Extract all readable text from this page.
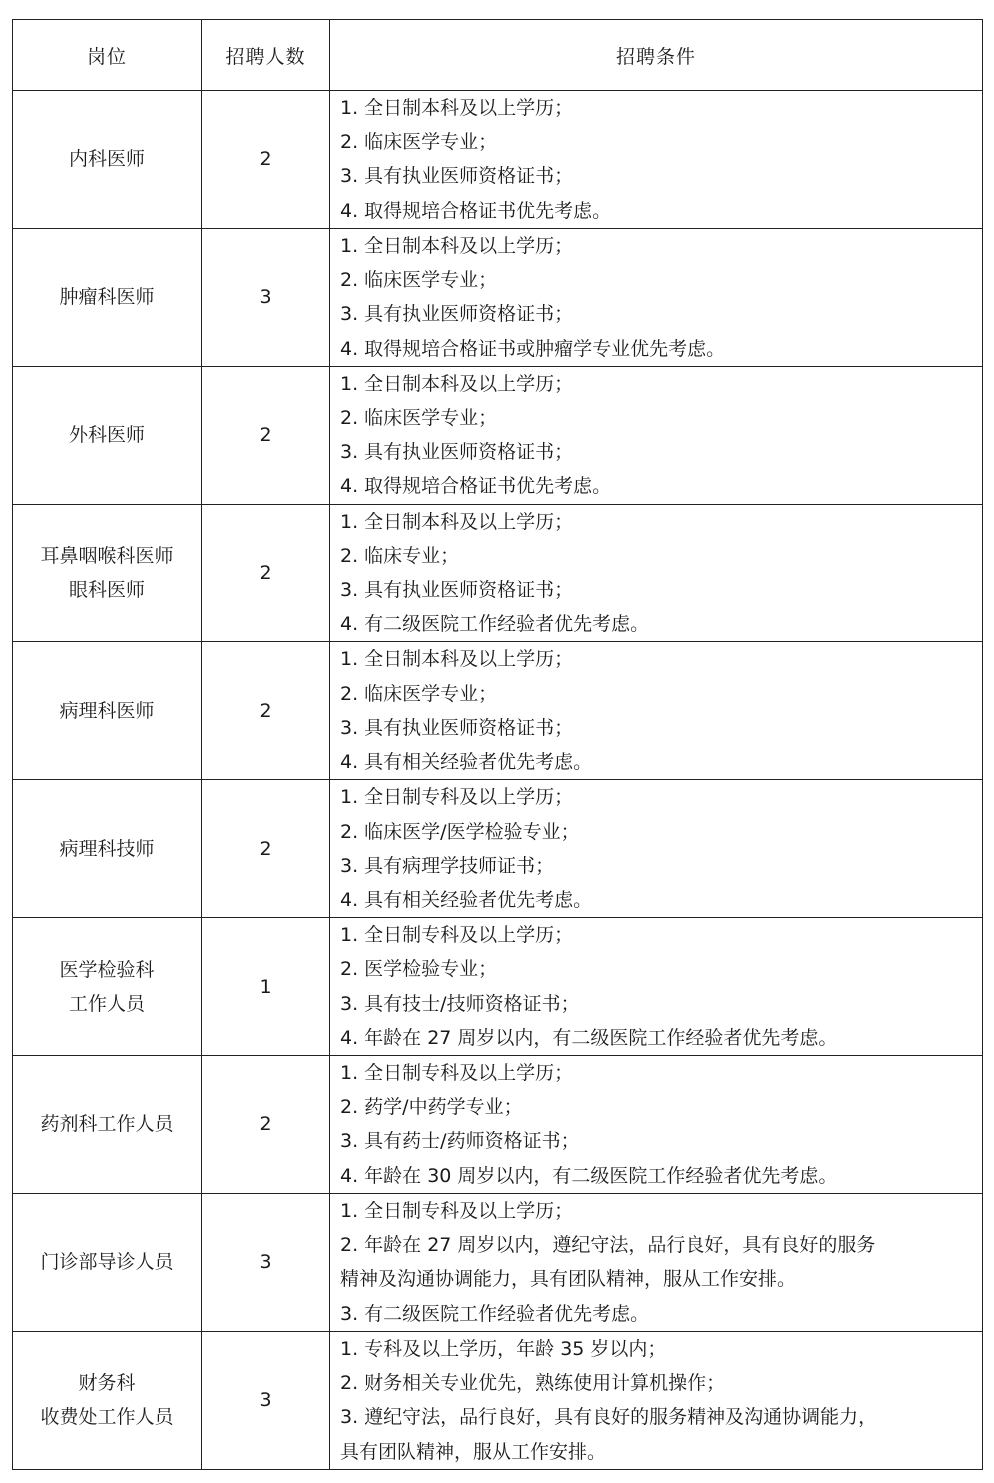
岗位	招聘人数	招聘条件

内科医师	2	1. 全日制本科及以上学历；
2. 临床医学专业；
3. 具有执业医师资格证书；
4. 取得规培合格证书优先考虑。

肿瘤科医师	3	1. 全日制本科及以上学历；
2. 临床医学专业；
3. 具有执业医师资格证书；
4. 取得规培合格证书或肿瘤学专业优先考虑。

外科医师	2	1. 全日制本科及以上学历；
2. 临床医学专业；
3. 具有执业医师资格证书；
4. 取得规培合格证书优先考虑。

耳鼻咽喉科医师
眼科医师	2	1. 全日制本科及以上学历；
2. 临床专业；
3. 具有执业医师资格证书；
4. 有二级医院工作经验者优先考虑。

病理科医师	2	1. 全日制本科及以上学历；
2. 临床医学专业；
3. 具有执业医师资格证书；
4. 具有相关经验者优先考虑。

病理科技师	2	1. 全日制专科及以上学历；
2. 临床医学/医学检验专业；
3. 具有病理学技师证书；
4. 具有相关经验者优先考虑。

医学检验科
工作人员	1	1. 全日制专科及以上学历；
2. 医学检验专业；
3. 具有技士/技师资格证书；
4. 年龄在 27 周岁以内，有二级医院工作经验者优先考虑。

药剂科工作人员	2	1. 全日制专科及以上学历；
2. 药学/中药学专业；
3. 具有药士/药师资格证书；
4. 年龄在 30 周岁以内，有二级医院工作经验者优先考虑。

门诊部导诊人员	3	1. 全日制专科及以上学历；
2. 年龄在 27 周岁以内，遵纪守法，品行良好，具有良好的服务
精神及沟通协调能力，具有团队精神，服从工作安排。
3. 有二级医院工作经验者优先考虑。

财务科
收费处工作人员	3	1. 专科及以上学历，年龄 35 岁以内；
2. 财务相关专业优先，熟练使用计算机操作；
3. 遵纪守法，品行良好，具有良好的服务精神及沟通协调能力，
具有团队精神，服从工作安排。
